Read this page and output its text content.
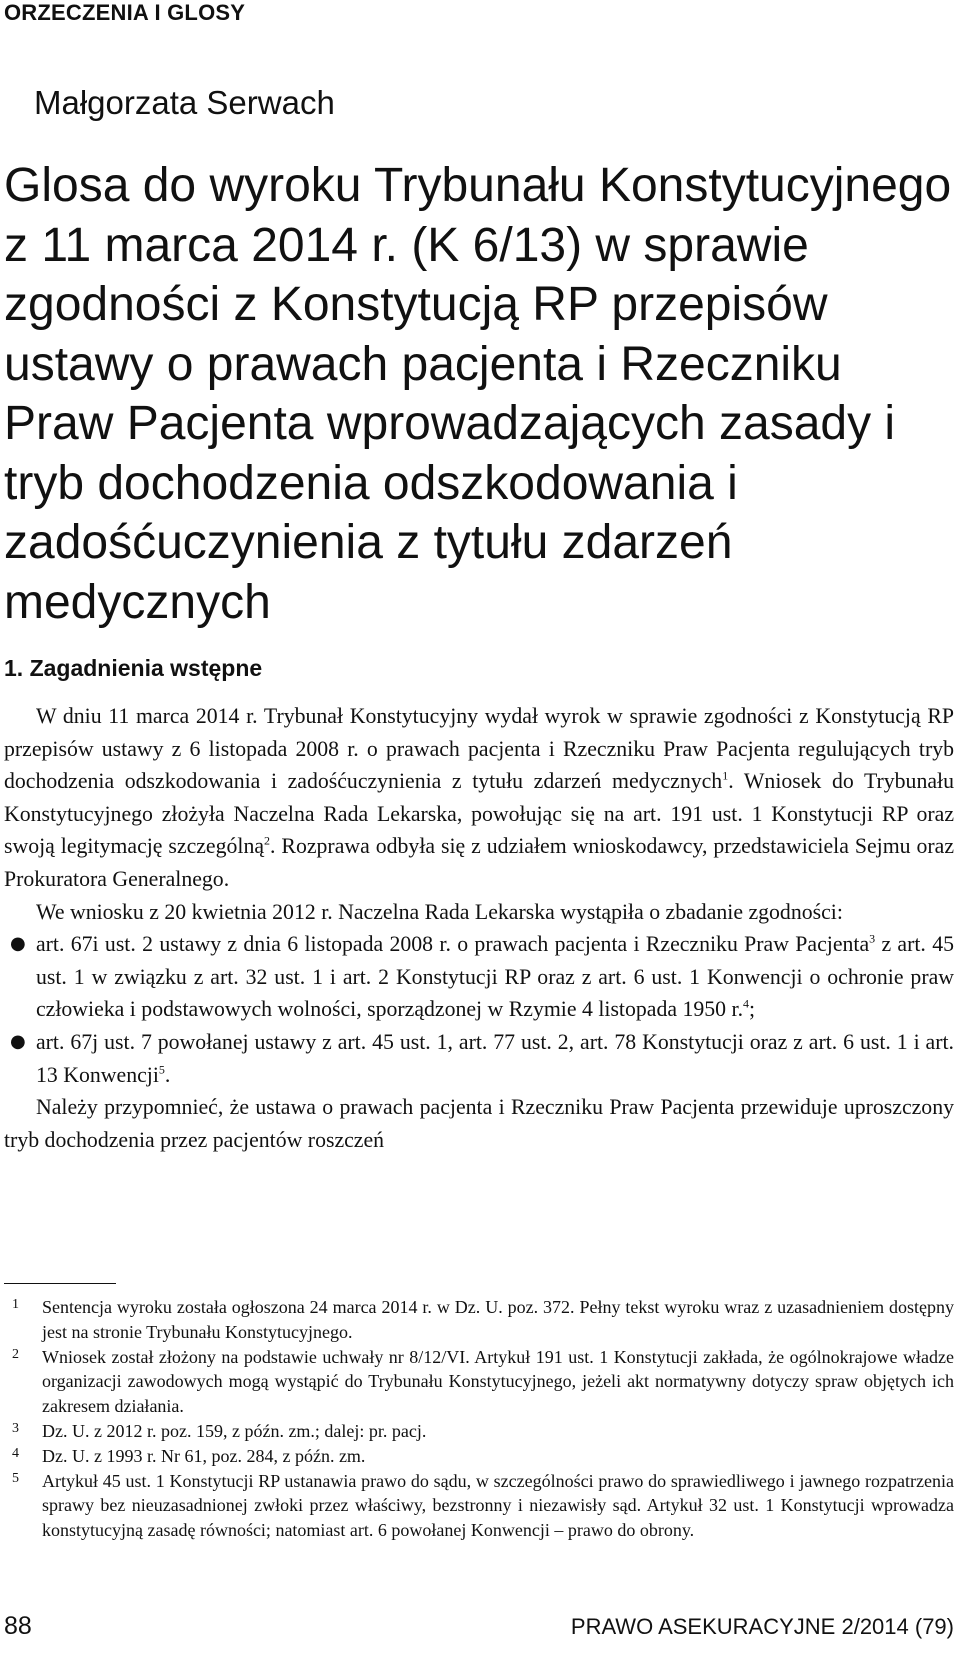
ORZECZENIA I GLOSY
Małgorzata Serwach
Glosa do wyroku Trybunału Konstytucyjnego z 11 marca 2014 r. (K 6/13) w sprawie zgodności z Konstytucją RP przepisów ustawy o prawach pacjenta i Rzeczniku Praw Pacjenta wprowadzających zasady i tryb dochodzenia odszkodowania i zadośćuczynienia z tytułu zdarzeń medycznych
1. Zagadnienia wstępne

W dniu 11 marca 2014 r. Trybunał Konstytucyjny wydał wyrok w sprawie zgodności z Konstytucją RP przepisów ustawy z 6 listopada 2008 r. o prawach pacjenta i Rzeczniku Praw Pacjenta regulujących tryb dochodzenia odszkodowania i zadośćuczynienia z tytułu zdarzeń medycznych$^1$. Wniosek do Trybunału Konstytucyjnego złożyła Naczelna Rada Lekarska, powołując się na art. 191 ust. 1 Konstytucji RP oraz swoją legitymację szczególną$^2$. Rozprawa odbyła się z udziałem wnioskodawcy, przedstawiciela Sejmu oraz Prokuratora Generalnego.

We wniosku z 20 kwietnia 2012 r. Naczelna Rada Lekarska wystąpiła o zbadanie zgodności:

● art. 67i ust. 2 ustawy z dnia 6 listopada 2008 r. o prawach pacjenta i Rzeczniku Praw Pacjenta$^3$ z art. 45 ust. 1 w związku z art. 32 ust. 1 i art. 2 Konstytucji RP oraz z art. 6 ust. 1 Konwencji o ochronie praw człowieka i podstawowych wolności, sporządzonej w Rzymie 4 listopada 1950 r.$^4$;
● art. 67j ust. 7 powołanej ustawy z art. 45 ust. 1, art. 77 ust. 2, art. 78 Konstytucji oraz z art. 6 ust. 1 i art. 13 Konwencji$^5$.

Należy przypomnieć, że ustawa o prawach pacjenta i Rzeczniku Praw Pacjenta przewiduje uproszczony tryb dochodzenia przez pacjentów roszczeń

1 Sentencja wyroku została ogłoszona 24 marca 2014 r. w Dz. U. poz. 372. Pełny tekst wyroku wraz z uzasadnieniem dostępny jest na stronie Trybunału Konstytucyjnego.
2 Wniosek został złożony na podstawie uchwały nr 8/12/VI. Artykuł 191 ust. 1 Konstytucji zakłada, że ogólnokrajowe władze organizacji zawodowych mogą wystąpić do Trybunału Konstytucyjnego, jeżeli akt normatywny dotyczy spraw objętych ich zakresem działania.
3 Dz. U. z 2012 r. poz. 159, z późn. zm.; dalej: pr. pacj.
4 Dz. U. z 1993 r. Nr 61, poz. 284, z późn. zm.
5 Artykuł 45 ust. 1 Konstytucji RP ustanawia prawo do sądu, w szczególności prawo do sprawiedliwego i jawnego rozpatrzenia sprawy bez nieuzasadnionej zwłoki przez właściwy, bezstronny i niezawisły sąd. Artykuł 32 ust. 1 Konstytucji wprowadza konstytucyjną zasadę równości; natomiast art. 6 powołanej Konwencji – prawo do obrony.
88	PRAWO ASEKURACYJNE 2/2014 (79)
